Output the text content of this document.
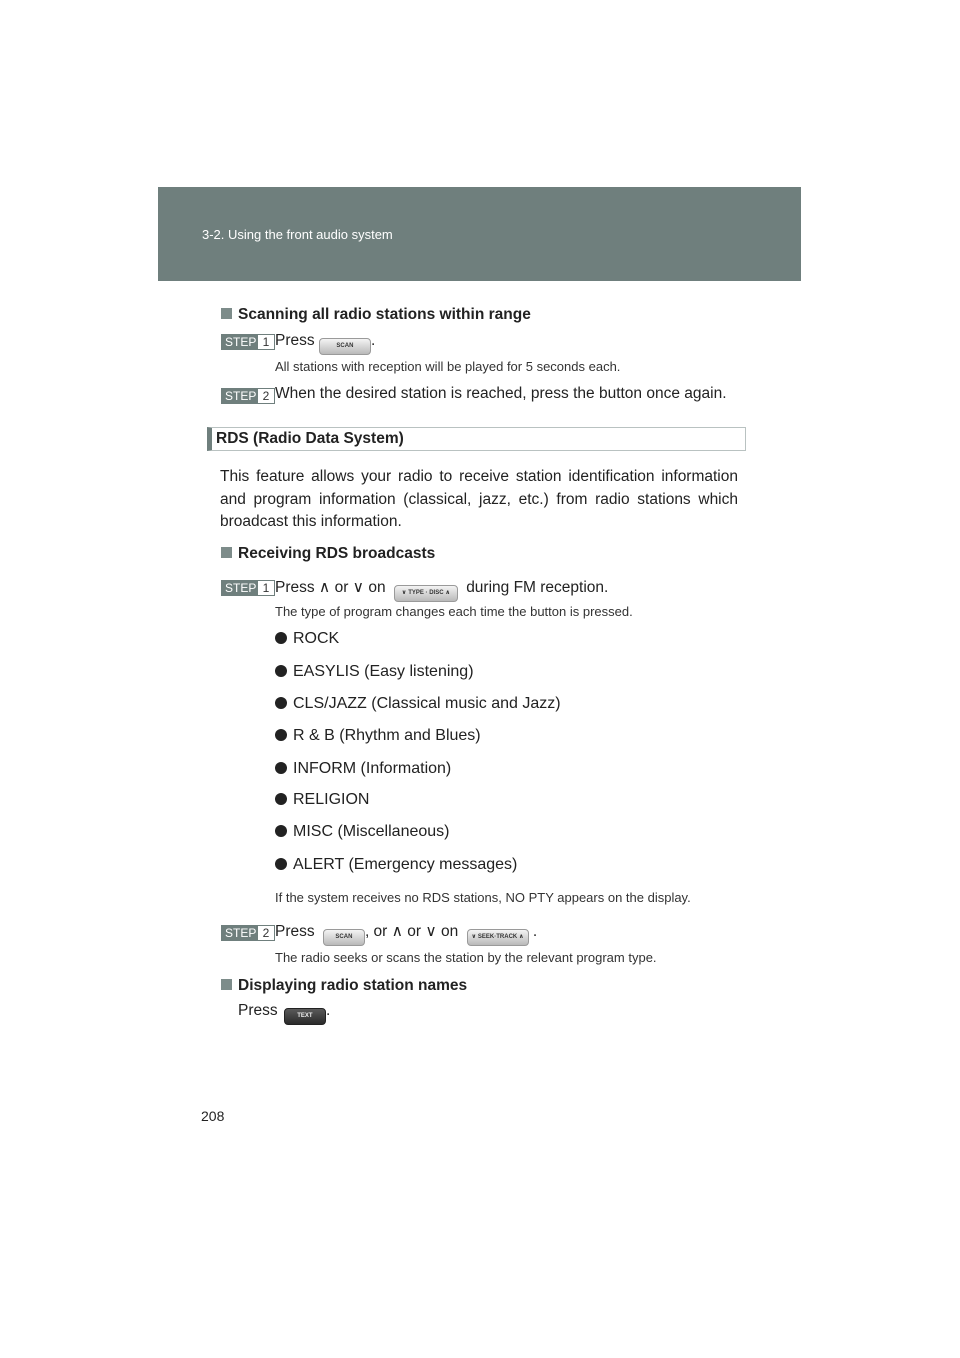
3-2. Using the front audio system
Scanning all radio stations within range
STEP 1 Press	SCAN .
All stations with reception will be played for 5 seconds each.
STEP 2 When the desired station is reached, press the button once again.
RDS (Radio Data System)
This feature allows your radio to receive station identification information and program information (classical, jazz, etc.) from radio stations which broadcast this information.
Receiving RDS broadcasts
STEP 1 Press ∧ or ∨ on	∨ TYPE · DISC ∧ during FM reception.
The type of program changes each time the button is pressed.
ROCK
EASYLIS (Easy listening)
CLS/JAZZ (Classical music and Jazz)
R & B (Rhythm and Blues)
INFORM (Information)
RELIGION
MISC (Miscellaneous)
ALERT (Emergency messages)
If the system receives no RDS stations, NO PTY appears on the display.
STEP 2 Press	SCAN , or ∧ or ∨ on ∨ SEEK·TRACK ∧ .
The radio seeks or scans the station by the relevant program type.
Displaying radio station names
Press	TEXT .
208
